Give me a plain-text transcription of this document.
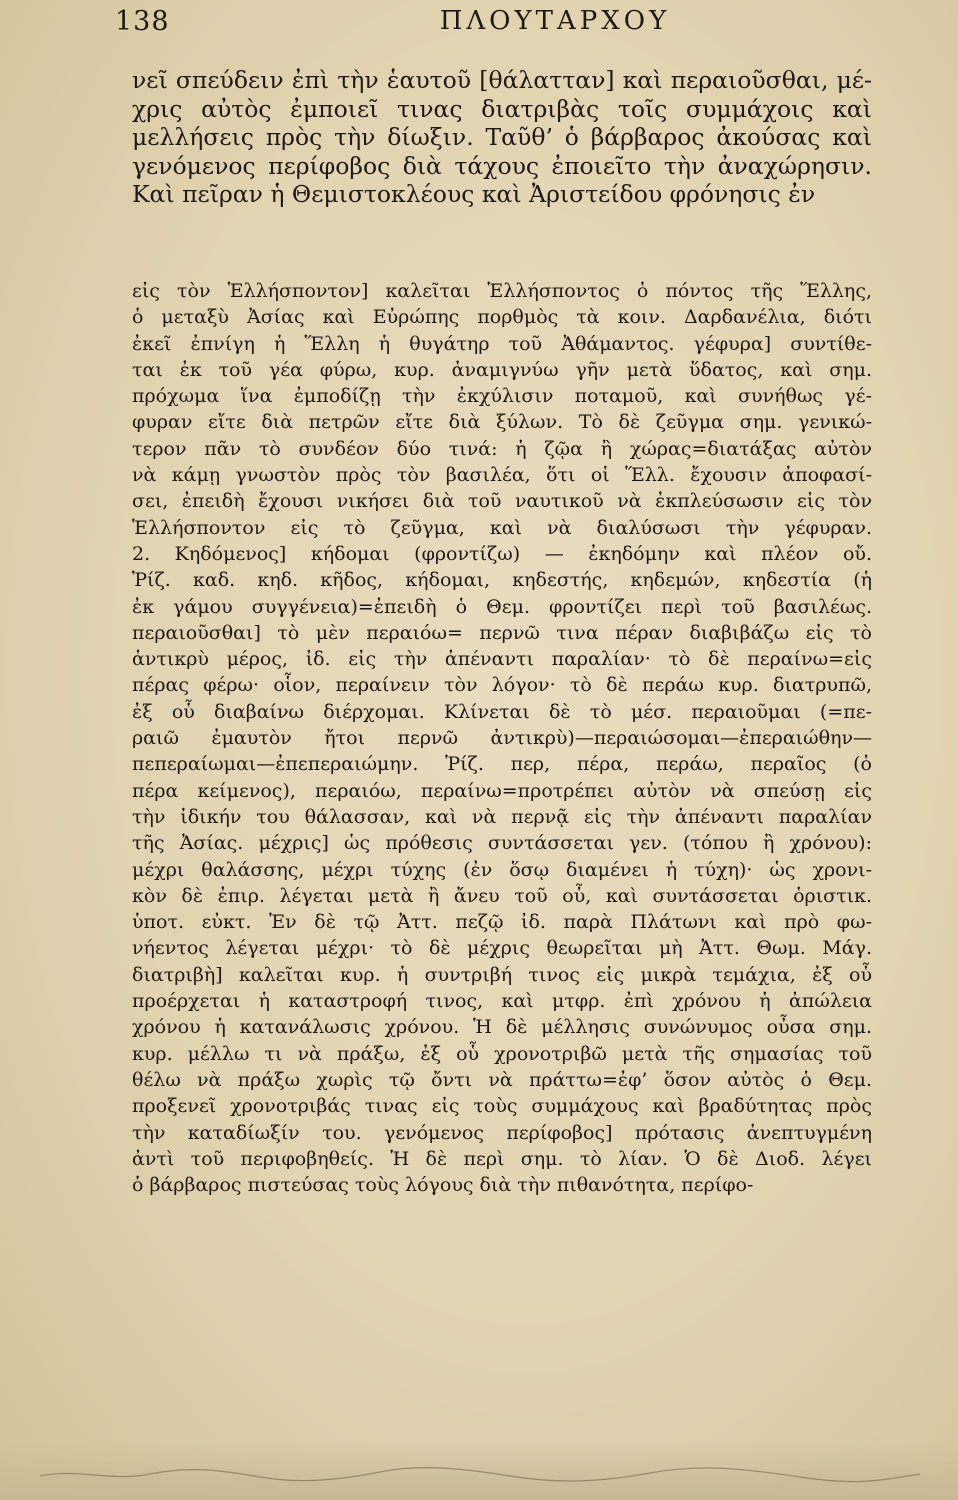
138	ΠΛΟΥΤΑΡΧΟΥ
νεῖ σπεύδειν ἐπὶ τὴν ἑαυτοῦ [θάλατταν] καὶ περαιοῦσθαι, μέ-
χρις αὐτὸς ἐμποιεῖ τινας διατριβὰς τοῖς συμμάχοις καὶ
μελλήσεις πρὸς τὴν δίωξιν. Ταῦθ’ ὁ βάρβαρος ἀκούσας καὶ
γενόμενος περίφοβος διὰ τάχους ἐποιεῖτο τὴν ἀναχώρησιν.
Καὶ πεῖραν ἡ Θεμιστοκλέους καὶ Ἀριστείδου φρόνησις ἐν
εἰς τὸν Ἑλλήσποντον] καλεῖται Ἑλλήσποντος ὁ πόντος τῆς Ἕλλης,
ὁ μεταξὺ Ἀσίας καὶ Εὐρώπης πορθμὸς τὰ κοιν. Δαρδανέλια, διότι
ἐκεῖ ἐπνίγη ἡ Ἕλλη ἡ θυγάτηρ τοῦ Ἀθάμαντος. γέφυρα] συντίθε-
ται ἐκ τοῦ γέα φύρω, κυρ. ἀναμιγνύω γῆν μετὰ ὕδατος, καὶ σημ.
πρόχωμα ἵνα ἐμποδίζῃ τὴν ἐκχύλισιν ποταμοῦ, καὶ συνήθως γέ-
φυραν εἴτε διὰ πετρῶν εἴτε διὰ ξύλων. Τὸ δὲ ζεῦγμα σημ. γενικώ-
τερον πᾶν τὸ συνδέον δύο τινά: ἡ ζῷα ἢ χώρας=διατάξας αὐτὸν
νὰ κάμῃ γνωστὸν πρὸς τὸν βασιλέα, ὅτι οἱ Ἕλλ. ἔχουσιν ἀποφασί-
σει, ἐπειδὴ ἔχουσι νικήσει διὰ τοῦ ναυτικοῦ νὰ ἐκπλεύσωσιν εἰς τὸν
Ἑλλήσποντον εἰς τὸ ζεῦγμα, καὶ νὰ διαλύσωσι τὴν γέφυραν.
2. Κηδόμενος] κήδομαι (φροντίζω) — ἐκηδόμην καὶ πλέον οὔ.
Ῥίζ. καδ. κηδ. κῆδος, κήδομαι, κηδεστής, κηδεμών, κηδεστία (ἡ
ἐκ γάμου συγγένεια)=ἐπειδὴ ὁ Θεμ. φροντίζει περὶ τοῦ βασιλέως.
περαιοῦσθαι] τὸ μὲν περαιόω= περνῶ τινα πέραν διαβιβάζω εἰς τὸ
ἀντικρὺ μέρος, ἰδ. εἰς τὴν ἀπέναντι παραλίαν· τὸ δὲ περαίνω=εἰς
πέρας φέρω· οἷον, περαίνειν τὸν λόγον· τὸ δὲ περάω κυρ. διατρυπῶ,
ἐξ οὗ διαβαίνω διέρχομαι. Κλίνεται δὲ τὸ μέσ. περαιοῦμαι (=πε-
ραιῶ ἐμαυτὸν ἤτοι περνῶ ἀντικρὺ)—περαιώσομαι—ἐπεραιώθην—
πεπεραίωμαι—ἐπεπεραιώμην. Ῥίζ. περ, πέρα, περάω, περαῖος (ὁ
πέρα κείμενος), περαιόω, περαίνω=προτρέπει αὐτὸν νὰ σπεύσῃ εἰς
τὴν ἰδικήν του θάλασσαν, καὶ νὰ περνᾷ εἰς τὴν ἀπέναντι παραλίαν
τῆς Ἀσίας. μέχρις] ὡς πρόθεσις συντάσσεται γεν. (τόπου ἢ χρόνου):
μέχρι θαλάσσης, μέχρι τύχης (ἐν ὅσῳ διαμένει ἡ τύχη)· ὡς χρονι-
κὸν δὲ ἐπιρ. λέγεται μετὰ ἢ ἄνευ τοῦ οὗ, καὶ συντάσσεται ὁριστικ.
ὑποτ. εὐκτ. Ἐν δὲ τῷ Ἀττ. πεζῷ ἰδ. παρὰ Πλάτωνι καὶ πρὸ φω-
νήεντος λέγεται μέχρι· τὸ δὲ μέχρις θεωρεῖται μὴ Ἀττ. Θωμ. Μάγ.
διατριβὴ] καλεῖται κυρ. ἡ συντριβή τινος εἰς μικρὰ τεμάχια, ἐξ οὗ
προέρχεται ἡ καταστροφή τινος, καὶ μτφρ. ἐπὶ χρόνου ἡ ἀπώλεια
χρόνου ἡ κατανάλωσις χρόνου. Ἡ δὲ μέλλησις συνώνυμος οὖσα σημ.
κυρ. μέλλω τι νὰ πράξω, ἐξ οὗ χρονοτριβῶ μετὰ τῆς σημασίας τοῦ
θέλω νὰ πράξω χωρὶς τῷ ὄντι νὰ πράττω=ἐφ’ ὅσον αὐτὸς ὁ Θεμ.
προξενεῖ χρονοτριβάς τινας εἰς τοὺς συμμάχους καὶ βραδύτητας πρὸς
τὴν καταδίωξίν του. γενόμενος περίφοβος] πρότασις ἀνεπτυγμένη
ἀντὶ τοῦ περιφοβηθείς. Ἡ δὲ περὶ σημ. τὸ λίαν. Ὁ δὲ Διοδ. λέγει
ὁ βάρβαρος πιστεύσας τοὺς λόγους διὰ τὴν πιθανότητα, περίφο-
